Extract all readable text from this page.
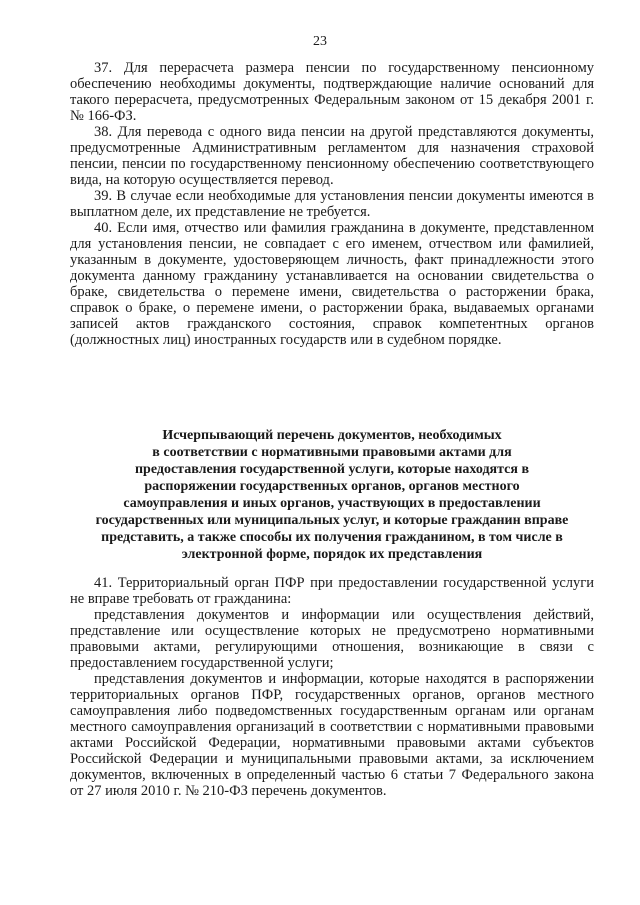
23

37. Для перерасчета размера пенсии по государственному пенсионному обеспечению необходимы документы, подтверждающие наличие оснований для такого перерасчета, предусмотренных Федеральным законом от 15 декабря 2001 г. № 166-ФЗ.

38. Для перевода с одного вида пенсии на другой представляются документы, предусмотренные Административным регламентом для назначения страховой пенсии, пенсии по государственному пенсионному обеспечению соответствующего вида, на которую осуществляется перевод.

39. В случае если необходимые для установления пенсии документы имеются в выплатном деле, их представление не требуется.

40. Если имя, отчество или фамилия гражданина в документе, представленном для установления пенсии, не совпадает с его именем, отчеством или фамилией, указанным в документе, удостоверяющем личность, факт принадлежности этого документа данному гражданину устанавливается на основании свидетельства о браке, свидетельства о перемене имени, свидетельства о расторжении брака, справок о браке, о перемене имени, о расторжении брака, выдаваемых органами записей актов гражданского состояния, справок компетентных органов (должностных лиц) иностранных государств или в судебном порядке.

Исчерпывающий перечень документов, необходимых
в соответствии с нормативными правовыми актами для
предоставления государственной услуги, которые находятся в
распоряжении государственных органов, органов местного
самоуправления и иных органов, участвующих в предоставлении
государственных или муниципальных услуг, и которые гражданин вправе
представить, а также способы их получения гражданином, в том числе в
электронной форме, порядок их представления

41. Территориальный орган ПФР при предоставлении государственной услуги не вправе требовать от гражданина:

представления документов и информации или осуществления действий, представление или осуществление которых не предусмотрено нормативными правовыми актами, регулирующими отношения, возникающие в связи с предоставлением государственной услуги;

представления документов и информации, которые находятся в распоряжении территориальных органов ПФР, государственных органов, органов местного самоуправления либо подведомственных государственным органам или органам местного самоуправления организаций в соответствии с нормативными правовыми актами Российской Федерации, нормативными правовыми актами субъектов Российской Федерации и муниципальными правовыми актами, за исключением документов, включенных в определенный частью 6 статьи 7 Федерального закона от 27 июля 2010 г. № 210-ФЗ перечень документов.
